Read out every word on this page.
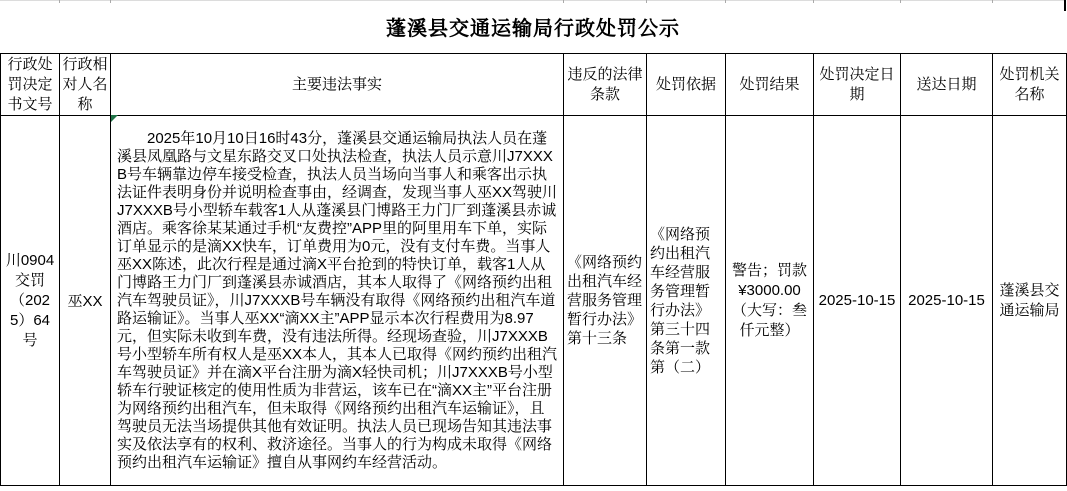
蓬溪县交通运输局行政处罚公示
行政处罚决定书文号	行政相对人名称	主要违法事实	违反的法律条款	处罚依据	处罚结果	处罚决定日期	送达日期	处罚机关名称
川0904交罚（2025）64号	巫XX	2025年10月10日16时43分，蓬溪县交通运输局执法人员在蓬溪县凤凰路与文星东路交叉口处执法检查，执法人员示意川J7XXXB号车辆靠边停车接受检查，执法人员当场向当事人和乘客出示执法证件表明身份并说明检查事由，经调查，发现当事人巫XX驾驶川J7XXXB号小型轿车载客1人从蓬溪县门博路王力门厂到蓬溪县赤诚酒店。乘客徐某某通过手机“友费控”APP里的阿里用车下单，实际订单显示的是滴XX快车，订单费用为0元，没有支付车费。当事人巫XX陈述，此次行程是通过滴X平台抢到的特快订单，载客1人从门博路王力门厂到蓬溪县赤诚酒店，其本人取得了《网络预约出租汽车驾驶员证》，川J7XXXB号车辆没有取得《网络预约出租汽车道路运输证》。当事人巫XX“滴XX主”APP显示本次行程费用为8.97元，但实际未收到车费，没有违法所得。经现场查验，川J7XXXB号小型轿车所有权人是巫XX本人，其本人已取得《网约预约出租汽车驾驶员证》并在滴X平台注册为滴X轻快司机；川J7XXXB号小型轿车行驶证核定的使用性质为非营运，该车已在“滴XX主”平台注册为网络预约出租汽车，但未取得《网络预约出租汽车运输证》，且驾驶员无法当场提供其他有效证明。执法人员已现场告知其违法事实及依法享有的权利、救济途径。当事人的行为构成未取得《网络预约出租汽车运输证》擅自从事网约车经营活动。	《网络预约出租汽车经营服务管理暂行办法》第十三条	《网络预约出租汽车经营服务管理暂行办法》第三十四条第一款第（二）	警告；罚款¥3000.00（大写：叁仟元整）	2025-10-15	2025-10-15	蓬溪县交通运输局
